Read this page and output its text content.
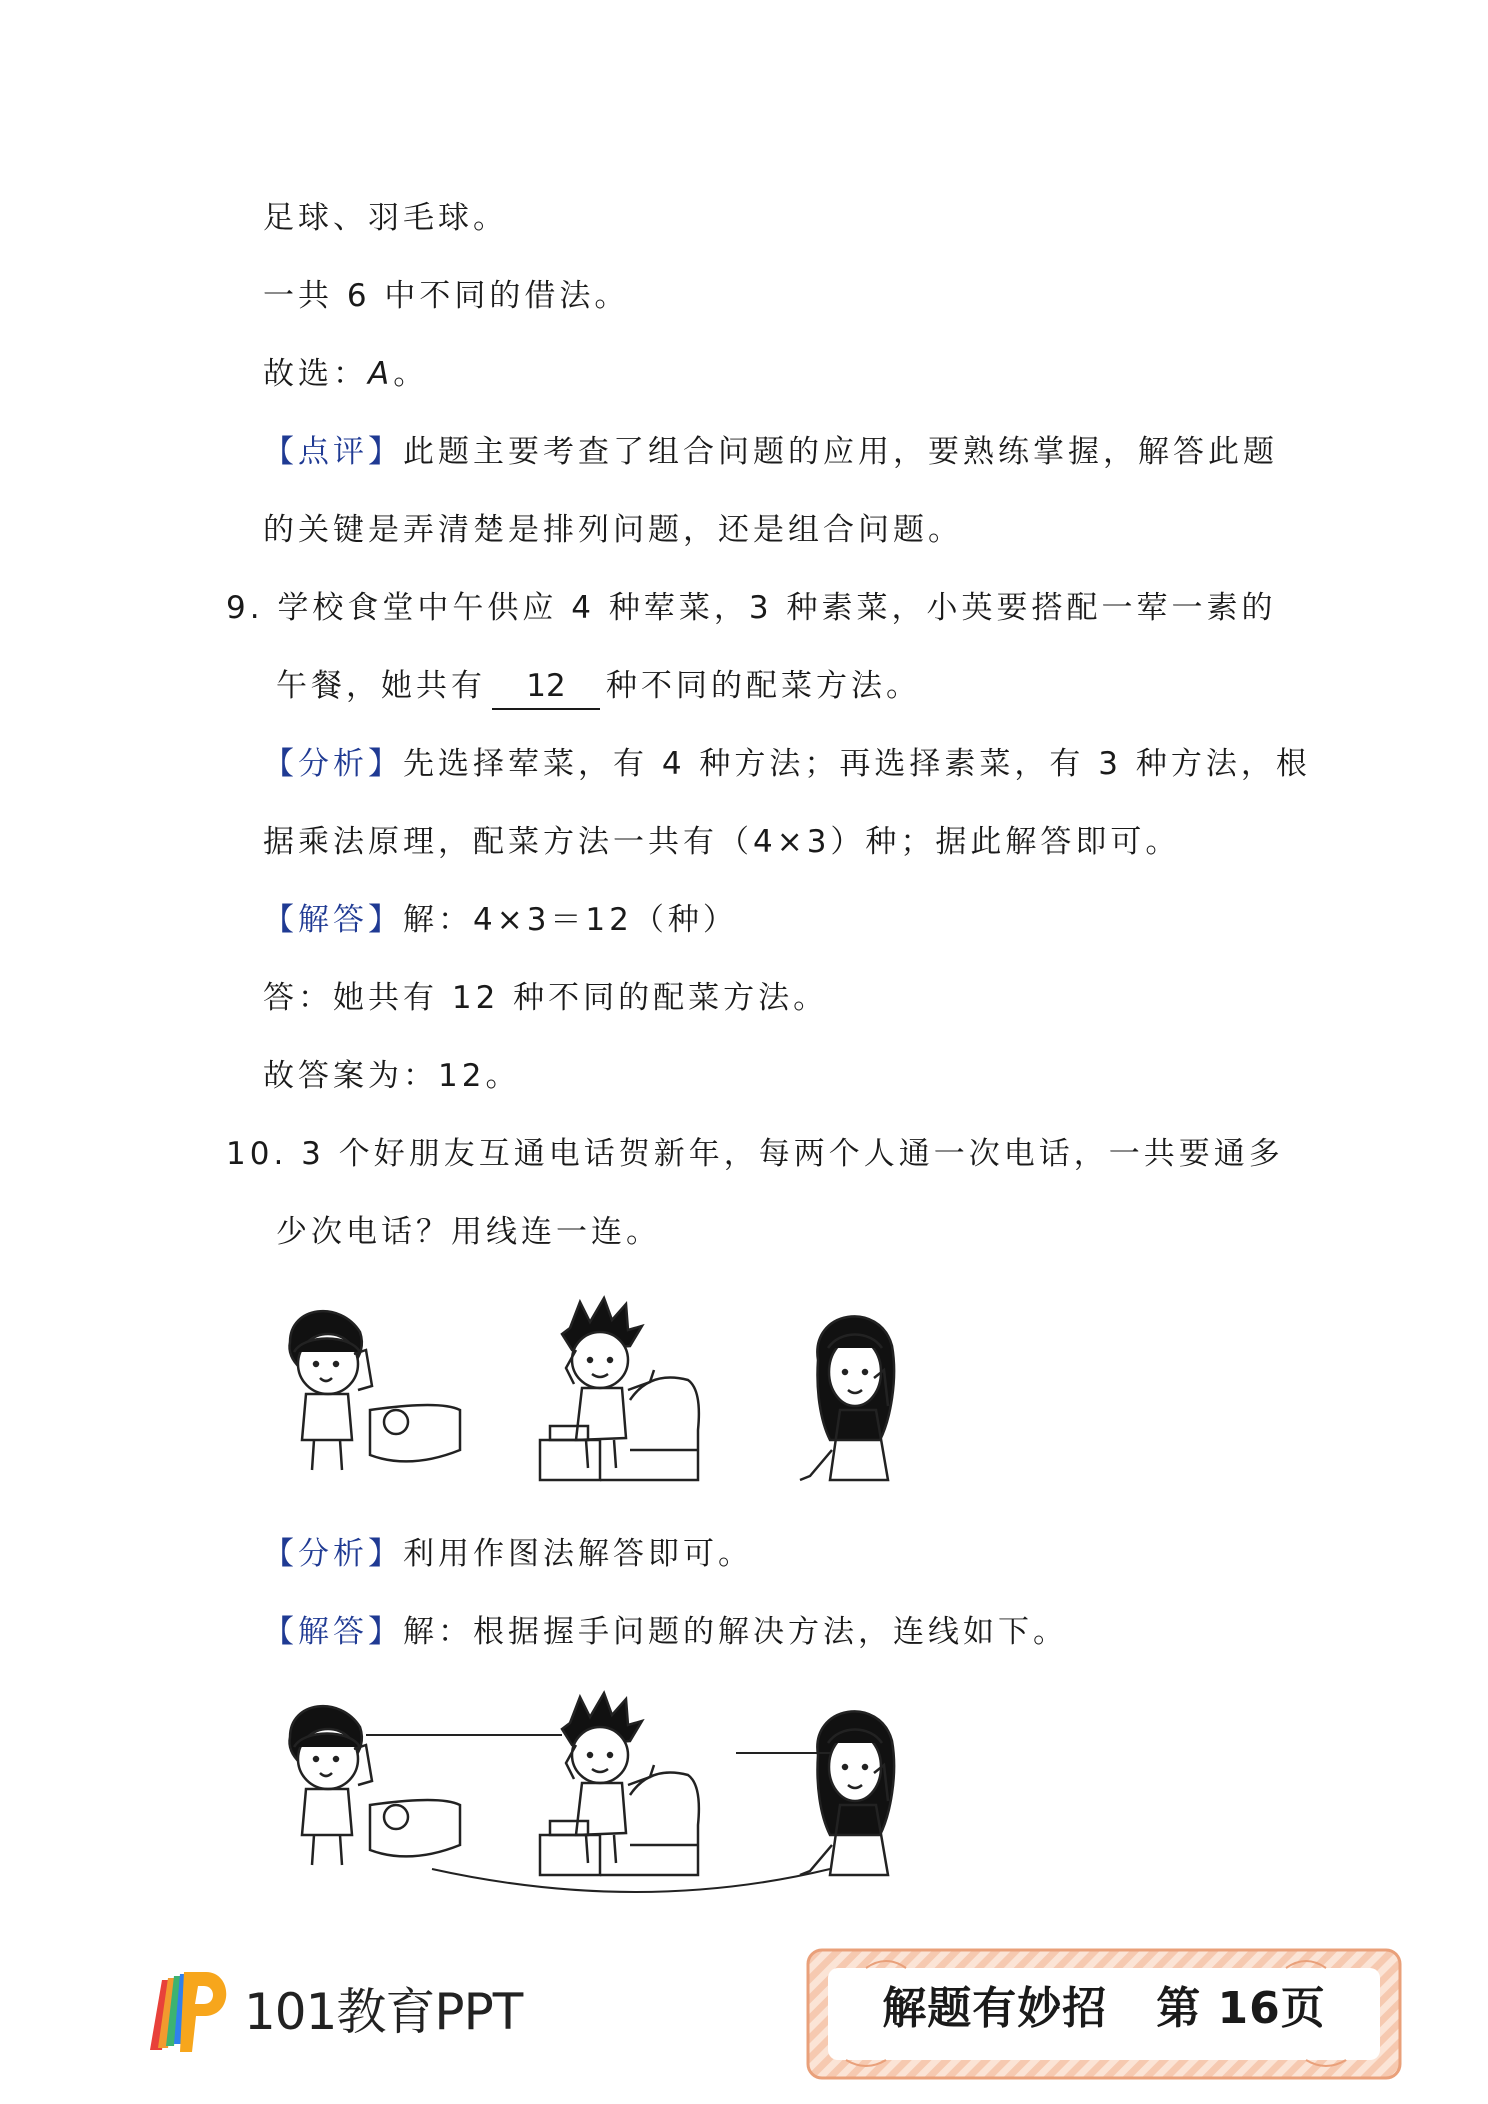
足球、羽毛球。
一共 6 中不同的借法。
故选：A。
【点评】此题主要考查了组合问题的应用，要熟练掌握，解答此题
的关键是弄清楚是排列问题，还是组合问题。
9. 学校食堂中午供应 4 种荤菜，3 种素菜，小英要搭配一荤一素的
午餐，她共有 12 种不同的配菜方法。
【分析】先选择荤菜，有 4 种方法；再选择素菜，有 3 种方法，根
据乘法原理，配菜方法一共有（4×3）种；据此解答即可。
【解答】解：4×3＝12（种）
答：她共有 12 种不同的配菜方法。
故答案为：12。
10. 3 个好朋友互通电话贺新年，每两个人通一次电话，一共要通多
少次电话？用线连一连。
【分析】利用作图法解答即可。
【解答】解：根据握手问题的解决方法，连线如下。
101教育PPT	解题有妙招 第 16页
